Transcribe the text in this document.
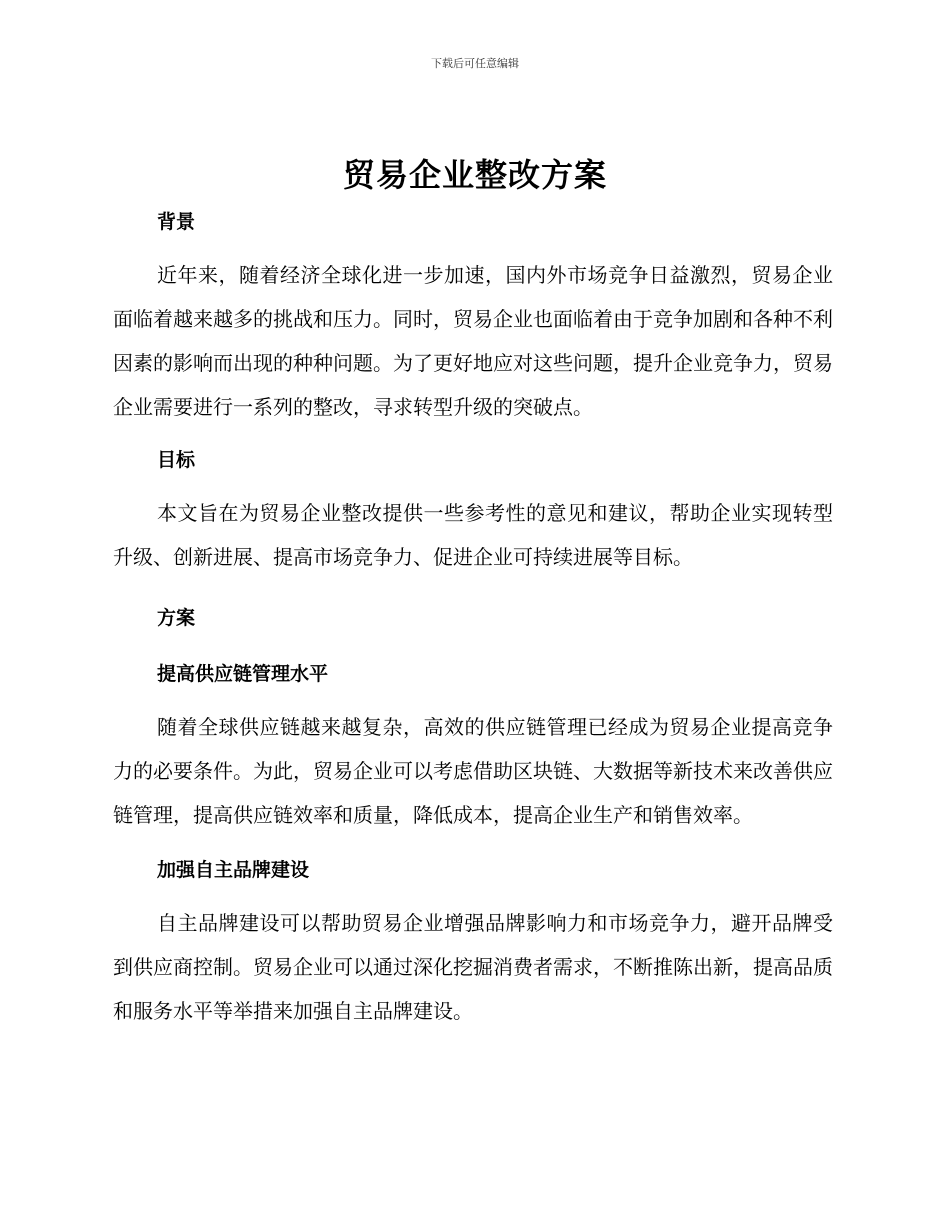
下载后可任意编辑
贸易企业整改方案
背景

近年来，随着经济全球化进一步加速，国内外市场竞争日益激烈，贸易企业面临着越来越多的挑战和压力。同时，贸易企业也面临着由于竞争加剧和各种不利因素的影响而出现的种种问题。为了更好地应对这些问题，提升企业竞争力，贸易企业需要进行一系列的整改，寻求转型升级的突破点。

目标

本文旨在为贸易企业整改提供一些参考性的意见和建议，帮助企业实现转型升级、创新进展、提高市场竞争力、促进企业可持续进展等目标。

方案
提高供应链管理水平

随着全球供应链越来越复杂，高效的供应链管理已经成为贸易企业提高竞争力的必要条件。为此，贸易企业可以考虑借助区块链、大数据等新技术来改善供应链管理，提高供应链效率和质量，降低成本，提高企业生产和销售效率。

加强自主品牌建设

自主品牌建设可以帮助贸易企业增强品牌影响力和市场竞争力，避开品牌受到供应商控制。贸易企业可以通过深化挖掘消费者需求，不断推陈出新，提高品质和服务水平等举措来加强自主品牌建设。
